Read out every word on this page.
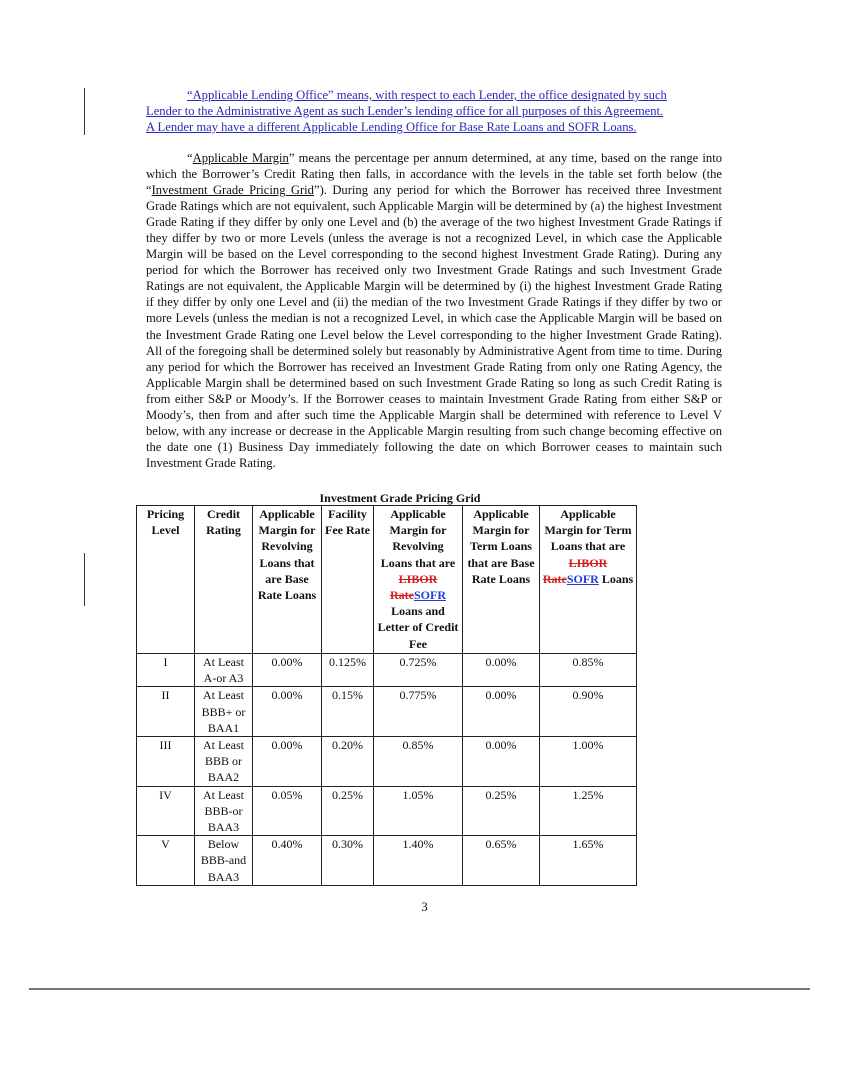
“Applicable Lending Office” means, with respect to each Lender, the office designated by such
Lender to the Administrative Agent as such Lender’s lending office for all purposes of this Agreement.
A Lender may have a different Applicable Lending Office for Base Rate Loans and SOFR Loans.
“Applicable Margin” means the percentage per annum determined, at any time, based on the range into which the Borrower’s Credit Rating then falls, in accordance with the levels in the table set forth below (the “Investment Grade Pricing Grid”). During any period for which the Borrower has received three Investment Grade Ratings which are not equivalent, such Applicable Margin will be determined by (a) the highest Investment Grade Rating if they differ by only one Level and (b) the average of the two highest Investment Grade Ratings if they differ by two or more Levels (unless the average is not a recognized Level, in which case the Applicable Margin will be based on the Level corresponding to the second highest Investment Grade Rating). During any period for which the Borrower has received only two Investment Grade Ratings and such Investment Grade Ratings are not equivalent, the Applicable Margin will be determined by (i) the highest Investment Grade Rating if they differ by only one Level and (ii) the median of the two Investment Grade Ratings if they differ by two or more Levels (unless the median is not a recognized Level, in which case the Applicable Margin will be based on the Investment Grade Rating one Level below the Level corresponding to the higher Investment Grade Rating). All of the foregoing shall be determined solely but reasonably by Administrative Agent from time to time. During any period for which the Borrower has received an Investment Grade Rating from only one Rating Agency, the Applicable Margin shall be determined based on such Investment Grade Rating so long as such Credit Rating is from either S&P or Moody’s. If the Borrower ceases to maintain Investment Grade Rating from either S&P or Moody’s, then from and after such time the Applicable Margin shall be determined with reference to Level V below, with any increase or decrease in the Applicable Margin resulting from such change becoming effective on the date one (1) Business Day immediately following the date on which Borrower ceases to maintain such Investment Grade Rating.
Investment Grade Pricing Grid
Pricing Level	Credit Rating	Applicable Margin for Revolving Loans that are Base Rate Loans	Facility Fee Rate	Applicable Margin for Revolving Loans that are LIBOR RateSOFR Loans and Letter of Credit Fee	Applicable Margin for Term Loans that are Base Rate Loans	Applicable Margin for Term Loans that are LIBOR RateSOFR Loans
I	At Least A-or A3	0.00%	0.125%	0.725%	0.00%	0.85%
II	At Least BBB+ or BAA1	0.00%	0.15%	0.775%	0.00%	0.90%
III	At Least BBB or BAA2	0.00%	0.20%	0.85%	0.00%	1.00%
IV	At Least BBB-or BAA3	0.05%	0.25%	1.05%	0.25%	1.25%
V	Below BBB-and BAA3	0.40%	0.30%	1.40%	0.65%	1.65%
3
